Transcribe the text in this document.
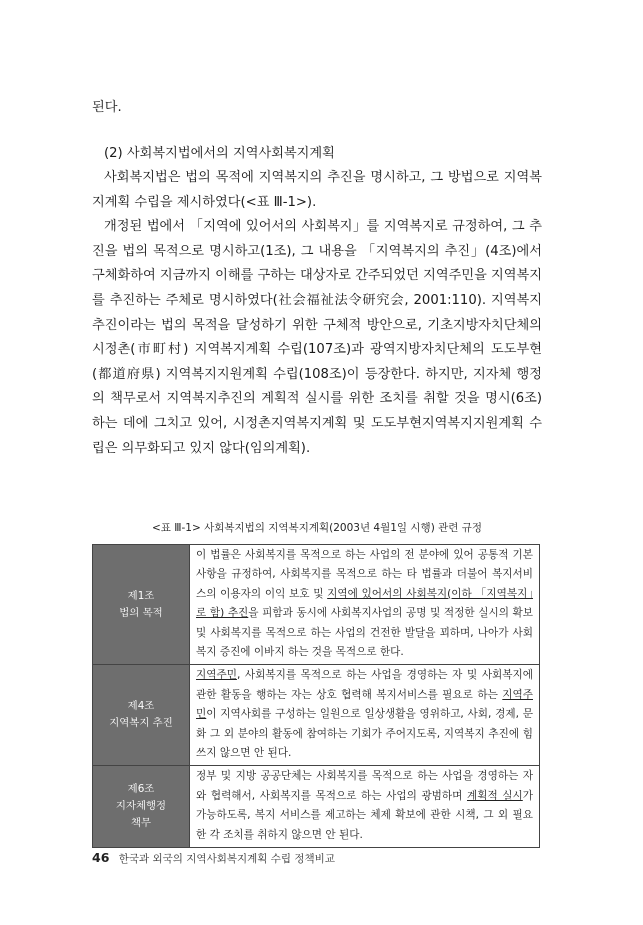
된다.

(2) 사회복지법에서의 지역사회복지계획

사회복지법은 법의 목적에 지역복지의 추진을 명시하고, 그 방법으로 지역복지계획 수립을 제시하였다(<표 Ⅲ-1>).

개정된 법에서 「지역에 있어서의 사회복지」를 지역복지로 규정하여, 그 추진을 법의 목적으로 명시하고(1조), 그 내용을 「지역복지의 추진」(4조)에서 구체화하여 지금까지 이해를 구하는 대상자로 간주되었던 지역주민을 지역복지를 추진하는 주체로 명시하였다(社会福祉法令研究会, 2001:110). 지역복지추진이라는 법의 목적을 달성하기 위한 구체적 방안으로, 기초지방자치단체의 시정촌(市町村) 지역복지계획 수립(107조)과 광역지방자치단체의 도도부현(都道府県) 지역복지지원계획 수립(108조)이 등장한다. 하지만, 지자체 행정의 책무로서 지역복지추진의 계획적 실시를 위한 조치를 취할 것을 명시(6조)하는 데에 그치고 있어, 시정촌지역복지계획 및 도도부현지역복지지원계획 수립은 의무화되고 있지 않다(임의계획).

<표 Ⅲ-1> 사회복지법의 지역복지계획(2003년 4월1일 시행) 관련 규정
제1조
법의 목적	이 법률은 사회복지를 목적으로 하는 사업의 전 분야에 있어 공통적 기본사항을 규정하여, 사회복지를 목적으로 하는 타 법률과 더불어 복지서비스의 이용자의 이익 보호 및 지역에 있어서의 사회복지(이하 「지역복지」로 함) 추진을 피함과 동시에 사회복지사업의 공명 및 적정한 실시의 확보 및 사회복지를 목적으로 하는 사업의 건전한 발달을 꾀하며, 나아가 사회복지 증진에 이바지 하는 것을 목적으로 한다.

제4조
지역복지 추진	지역주민, 사회복지를 목적으로 하는 사업을 경영하는 자 및 사회복지에 관한 활동을 행하는 자는 상호 협력해 복지서비스를 필요로 하는 지역주민이 지역사회를 구성하는 일원으로 일상생활을 영위하고, 사회, 경제, 문화 그 외 분야의 활동에 참여하는 기회가 주어지도록, 지역복지 추진에 힘쓰지 않으면 안 된다.

제6조
지자체행정
책무	정부 및 지방 공공단체는 사회복지를 목적으로 하는 사업을 경영하는 자와 협력해서, 사회복지를 목적으로 하는 사업의 광범하며 계획적 실시가 가능하도록, 복지 서비스를 제고하는 체제 확보에 관한 시책, 그 외 필요한 각 조치를 취하지 않으면 안 된다.
46 한국과 외국의 지역사회복지계획 수립 정책비교
